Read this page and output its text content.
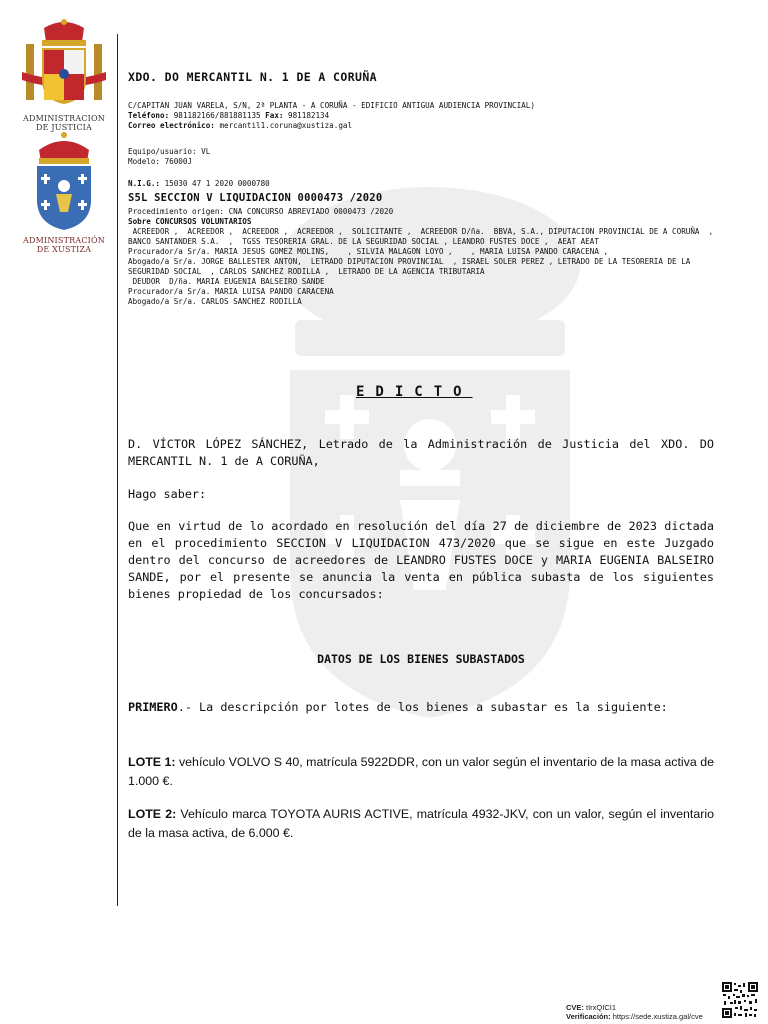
ADMINISTRACION
DE JUSTICIA
ADMINISTRACIÓN
DE XUSTIZA
XDO. DO MERCANTIL N. 1 DE A CORUÑA
C/CAPITAN JUAN VARELA, S/N, 2ª PLANTA - A CORUÑA - EDIFICIO ANTIGUA AUDIENCIA PROVINCIAL)
Teléfono: 981182166/881881135 Fax: 981182134
Correo electrónico: mercantil1.coruna@xustiza.gal
Equipo/usuario: VL
Modelo: 76000J
N.I.G.: 15030 47 1 2020 0000780
S5L SECCION V LIQUIDACION 0000473 /2020
Procedimiento origen: CNA CONCURSO ABREVIADO 0000473 /2020
Sobre CONCURSOS VOLUNTARIOS
ACREEDOR ,  ACREEDOR ,  ACREEDOR ,  ACREEDOR ,  SOLICITANTE ,  ACREEDOR D/ña.  BBVA, S.A., DIPUTACION PROVINCIAL DE A CORUÑA  ,  BANCO SANTANDER S.A.  ,  TGSS TESORERIA GRAL. DE LA SEGURIDAD SOCIAL , LEANDRO FUSTES DOCE ,  AEAT AEAT
Procurador/a Sr/a. MARIA JESUS GOMEZ MOLINS,    , SILVIA MALAGON LOYO ,    , MARIA LUISA PANDO CARACENA ,
Abogado/a Sr/a. JORGE BALLESTER ANTON,  LETRADO DIPUTACION PROVINCIAL  , ISRAEL SOLER PEREZ , LETRADO DE LA TESORERIA DE LA SEGURIDAD SOCIAL  , CARLOS SANCHEZ RODILLA ,  LETRADO DE LA AGENCIA TRIBUTARIA
DEUDOR  D/ña. MARIA EUGENIA BALSEIRO SANDE
Procurador/a Sr/a. MARIA LUISA PANDO CARACENA
Abogado/a Sr/a. CARLOS SANCHEZ RODILLA
EDICTO
D. VÍCTOR LÓPEZ SÁNCHEZ, Letrado de la Administración de Justicia del XDO. DO MERCANTIL N. 1 de A CORUÑA,
Hago saber:
Que en virtud de lo acordado en resolución del día 27 de diciembre de 2023 dictada en el procedimiento SECCION V LIQUIDACION 473/2020 que se sigue en este Juzgado dentro del concurso de acreedores de LEANDRO FUSTES DOCE y MARIA EUGENIA BALSEIRO SANDE, por el presente se anuncia la venta en pública subasta de los siguientes bienes propiedad de los concursados:
DATOS DE LOS BIENES SUBASTADOS
PRIMERO.- La descripción por lotes de los bienes a subastar es la siguiente:
LOTE 1: vehículo VOLVO S 40, matrícula 5922DDR, con un valor según el inventario de la masa activa de 1.000 €.
LOTE 2: Vehículo marca TOYOTA AURIS ACTIVE, matrícula 4932-JKV, con un valor, según el inventario de la masa activa, de 6.000 €.
CVE: tIrxQICI1
Verificación: https://sede.xustiza.gal/cve
